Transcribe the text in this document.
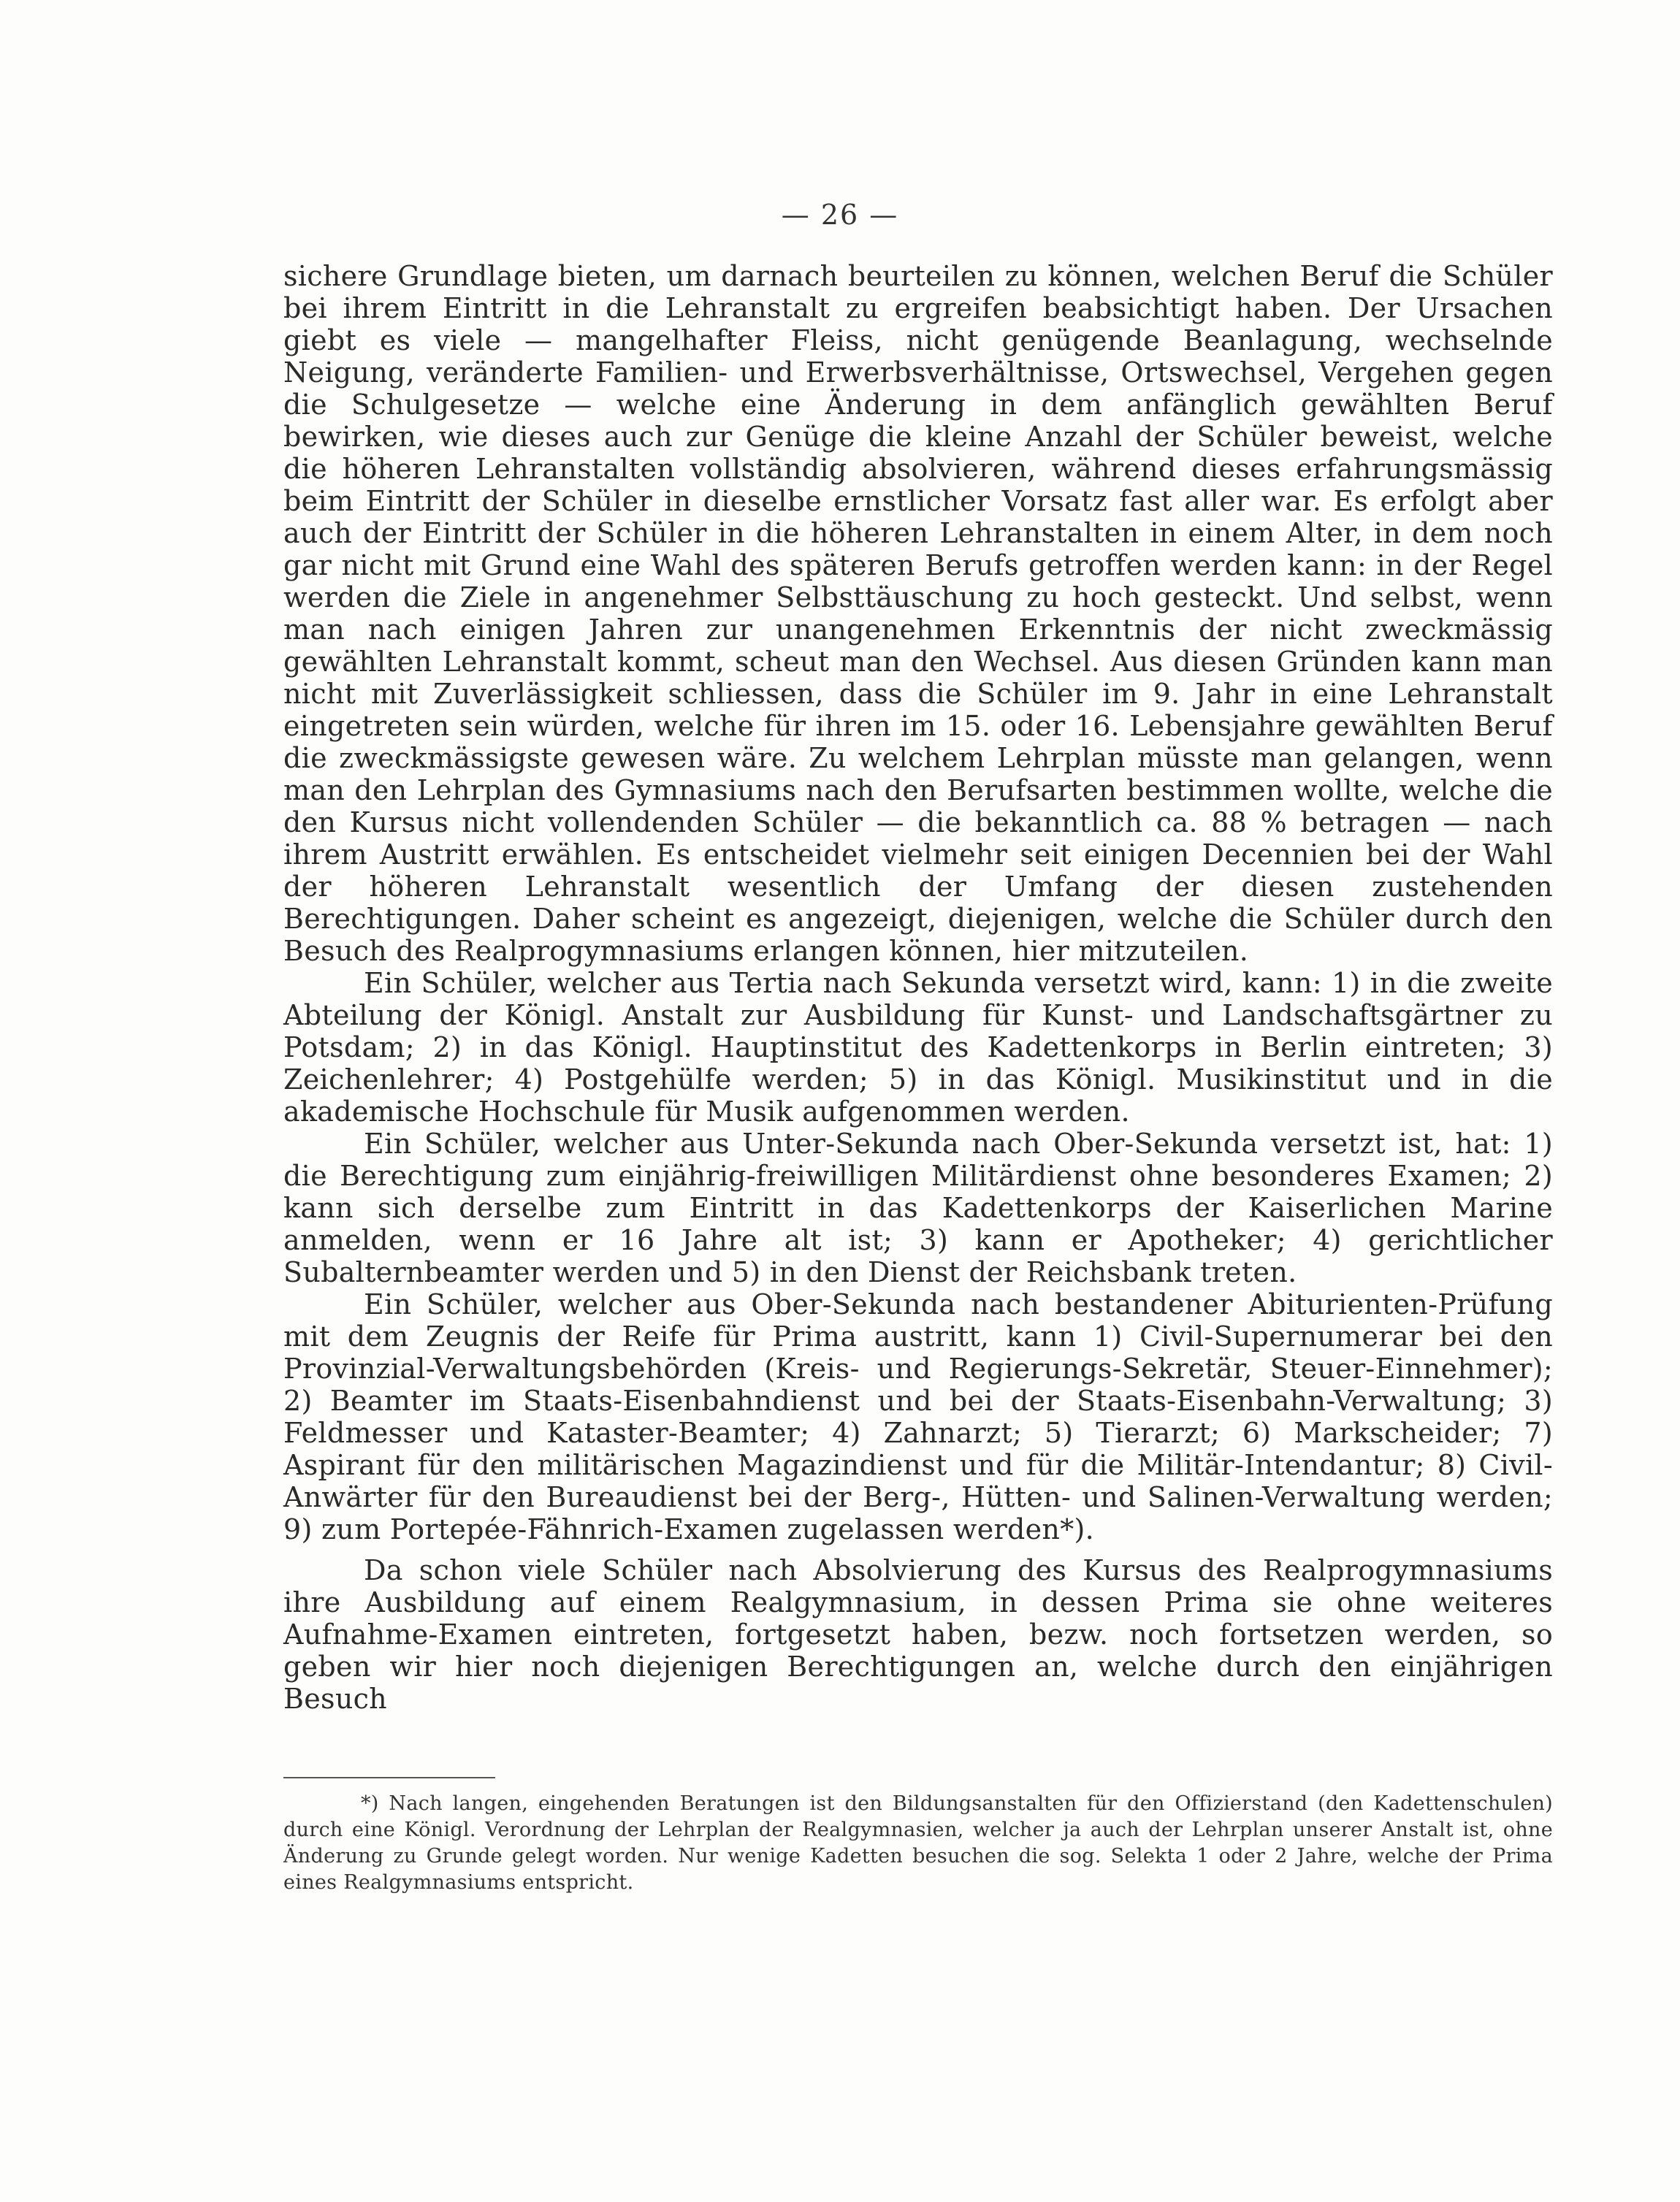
— 26 —

sichere Grundlage bieten, um darnach beurteilen zu können, welchen Beruf die Schüler bei ihrem Eintritt in die Lehranstalt zu ergreifen beabsichtigt haben. Der Ursachen giebt es viele — mangelhafter Fleiss, nicht genügende Beanlagung, wechselnde Neigung, veränderte Familien- und Erwerbsverhältnisse, Ortswechsel, Vergehen gegen die Schulgesetze — welche eine Änderung in dem anfänglich gewählten Beruf bewirken, wie dieses auch zur Genüge die kleine Anzahl der Schüler beweist, welche die höheren Lehranstalten vollständig absolvieren, während dieses erfahrungsmässig beim Eintritt der Schüler in dieselbe ernstlicher Vorsatz fast aller war. Es erfolgt aber auch der Eintritt der Schüler in die höheren Lehranstalten in einem Alter, in dem noch gar nicht mit Grund eine Wahl des späteren Berufs getroffen werden kann: in der Regel werden die Ziele in angenehmer Selbsttäuschung zu hoch gesteckt. Und selbst, wenn man nach einigen Jahren zur unangenehmen Erkenntnis der nicht zweckmässig gewählten Lehranstalt kommt, scheut man den Wechsel. Aus diesen Gründen kann man nicht mit Zuverlässigkeit schliessen, dass die Schüler im 9. Jahr in eine Lehranstalt eingetreten sein würden, welche für ihren im 15. oder 16. Lebensjahre gewählten Beruf die zweckmässigste gewesen wäre. Zu welchem Lehrplan müsste man gelangen, wenn man den Lehrplan des Gymnasiums nach den Berufsarten bestimmen wollte, welche die den Kursus nicht vollendenden Schüler — die bekanntlich ca. 88 % betragen — nach ihrem Austritt erwählen. Es entscheidet vielmehr seit einigen Decennien bei der Wahl der höheren Lehranstalt wesentlich der Umfang der diesen zustehenden Berechtigungen. Daher scheint es angezeigt, diejenigen, welche die Schüler durch den Besuch des Realprogymnasiums erlangen können, hier mitzuteilen.

Ein Schüler, welcher aus Tertia nach Sekunda versetzt wird, kann: 1) in die zweite Abteilung der Königl. Anstalt zur Ausbildung für Kunst- und Landschaftsgärtner zu Potsdam; 2) in das Königl. Hauptinstitut des Kadettenkorps in Berlin eintreten; 3) Zeichenlehrer; 4) Postgehülfe werden; 5) in das Königl. Musikinstitut und in die akademische Hochschule für Musik aufgenommen werden.

Ein Schüler, welcher aus Unter-Sekunda nach Ober-Sekunda versetzt ist, hat: 1) die Berechtigung zum einjährig-freiwilligen Militärdienst ohne besonderes Examen; 2) kann sich derselbe zum Eintritt in das Kadettenkorps der Kaiserlichen Marine anmelden, wenn er 16 Jahre alt ist; 3) kann er Apotheker; 4) gerichtlicher Subalternbeamter werden und 5) in den Dienst der Reichsbank treten.

Ein Schüler, welcher aus Ober-Sekunda nach bestandener Abiturienten-Prüfung mit dem Zeugnis der Reife für Prima austritt, kann 1) Civil-Supernumerar bei den Provinzial-Verwaltungsbehörden (Kreis- und Regierungs-Sekretär, Steuer-Einnehmer); 2) Beamter im Staats-Eisenbahndienst und bei der Staats-Eisenbahn-Verwaltung; 3) Feldmesser und Kataster-Beamter; 4) Zahnarzt; 5) Tierarzt; 6) Markscheider; 7) Aspirant für den militärischen Magazindienst und für die Militär-Intendantur; 8) Civil-Anwärter für den Bureaudienst bei der Berg-, Hütten- und Salinen-Verwaltung werden; 9) zum Portepée-Fähnrich-Examen zugelassen werden*).

Da schon viele Schüler nach Absolvierung des Kursus des Realprogymnasiums ihre Ausbildung auf einem Realgymnasium, in dessen Prima sie ohne weiteres Aufnahme-Examen eintreten, fortgesetzt haben, bezw. noch fortsetzen werden, so geben wir hier noch diejenigen Berechtigungen an, welche durch den einjährigen Besuch

*) Nach langen, eingehenden Beratungen ist den Bildungsanstalten für den Offizierstand (den Kadettenschulen) durch eine Königl. Verordnung der Lehrplan der Realgymnasien, welcher ja auch der Lehrplan unserer Anstalt ist, ohne Änderung zu Grunde gelegt worden. Nur wenige Kadetten besuchen die sog. Selekta 1 oder 2 Jahre, welche der Prima eines Realgymnasiums entspricht.
